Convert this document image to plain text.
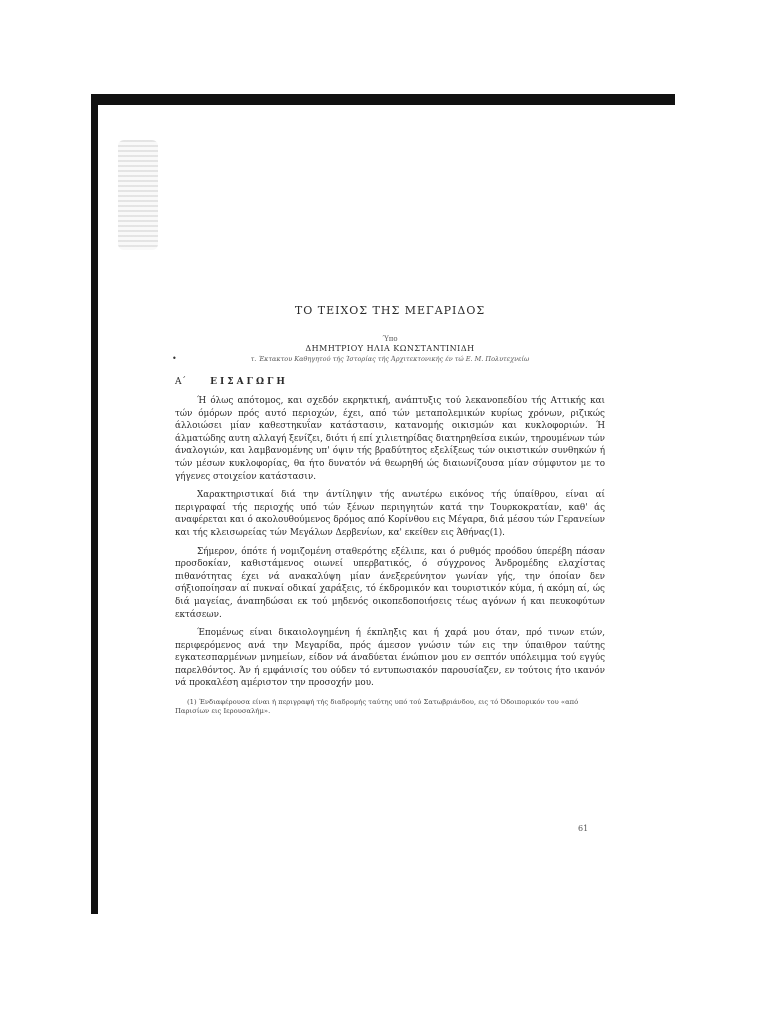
•
ΤΟ ΤΕΙΧΟΣ ΤΗΣ ΜΕΓΑΡΙΔΟΣ
Ύπο
ΔΗΜΗΤΡΙΟΥ ΗΛΙΑ ΚΩΝΣΤΑΝΤΙΝΙΔΗ
τ. Έκτακτου Καθηγητού τής Ίστορίας τής Άρχιτεκτονικής έν τώ Ε. Μ. Πολυτεχνείω
Α΄	ΕΙΣΑΓΩΓΗ

Ή όλως απότομος, και σχεδόν εκρηκτική, ανάπτυξις τού λεκανοπεδίου τής Αττικής και τών όμόρων πρός αυτό περιοχών, έχει, από τών μεταπολεμικών κυρίως χρόνων, ριζικώς άλλοιώσει μίαν καθεστηκυΐαν κατάστασιν, κατανομής οικισμών και κυκλοφοριών. Ή άλματώδης αυτη αλλαγή ξενίζει, διότι ή επί χιλιετηρίδας διατηρηθείσα εικών, τηρουμένων τών άναλογιών, και λαμβανομένης υπ' όψιν τής βραδύτητος εξελίξεως τών οικιστικών συνθηκών ή τών μέσων κυκλοφορίας, θα ήτο δυνατόν νά θεωρηθή ώς διαιωνίζουσα μίαν σύμφυτον με το γήγενες στοιχείον κατάστασιν.

Χαρακτηριστικαί διά την άντίληψιν τής ανωτέρω εικόνος τής ύπαίθρου, είναι αί περιγραφαί τής περιοχής υπό τών ξένων περιηγητών κατά την Τουρκοκρατίαν, καθ' άς αναφέρεται και ό ακολουθούμενος δρόμος από Κορίνθου εις Μέγαρα, διά μέσου τών Γερανείων και τής κλεισωρείας τών Μεγάλων Δερβενίων, κα' εκείθεν εις Άθήνας(1).

Σήμερον, όπότε ή νομιζομένη σταθερότης εξέλιπε, και ό ρυθμός προόδου ύπερέβη πάσαν προσδοκίαν, καθιστάμενος οιωνεί υπερβατικός, ό σύγχρονος Άνδρομέδης ελαχίστας πιθανότητας έχει νά ανακαλύψη μίαν άνεξερεύνητον γωνίαν γής, την όποίαν δεν σήξιοποίησαν αί πυκναί οδικαί χαράξεις, τό έκδρομικόν και τουριστικόν κύμα, ή ακόμη αί, ώς διά μαγείας, άναπηδώσαι εκ τού μηδενός οικοπεδοποιήσεις τέως αγόνων ή και πευκοφύτων εκτάσεων.

Έπομένως είναι δικαιολογημένη ή έκπληξις και ή χαρά μου όταν, πρό τινων ετών, περιφερόμενος ανά την Μεγαρίδα, πρός άμεσον γνώσιν τών εις την ύπαιθρον ταύτης εγκατεσπαρμένων μνημείων, είδον νά άναδύεται ένώπιον μου εν σεπτόν υπόλειμμα τού εγγύς παρελθόντος. Άν ή εμφάνισίς του ούδεν τό εντυπωσιακόν παρουσίαζεν, εν τούτοις ήτο ικανόν νά προκαλέση αμέριστον την προσοχήν μου.

(1) Ένδιαφέρουσα είναι ή περιγραφή τής διαδρομής ταύτης υπό τού Σατωβριάνδου, εις τό Όδοιπορικόν του «από Παρισίων εις Ιερουσαλήμ».
61
